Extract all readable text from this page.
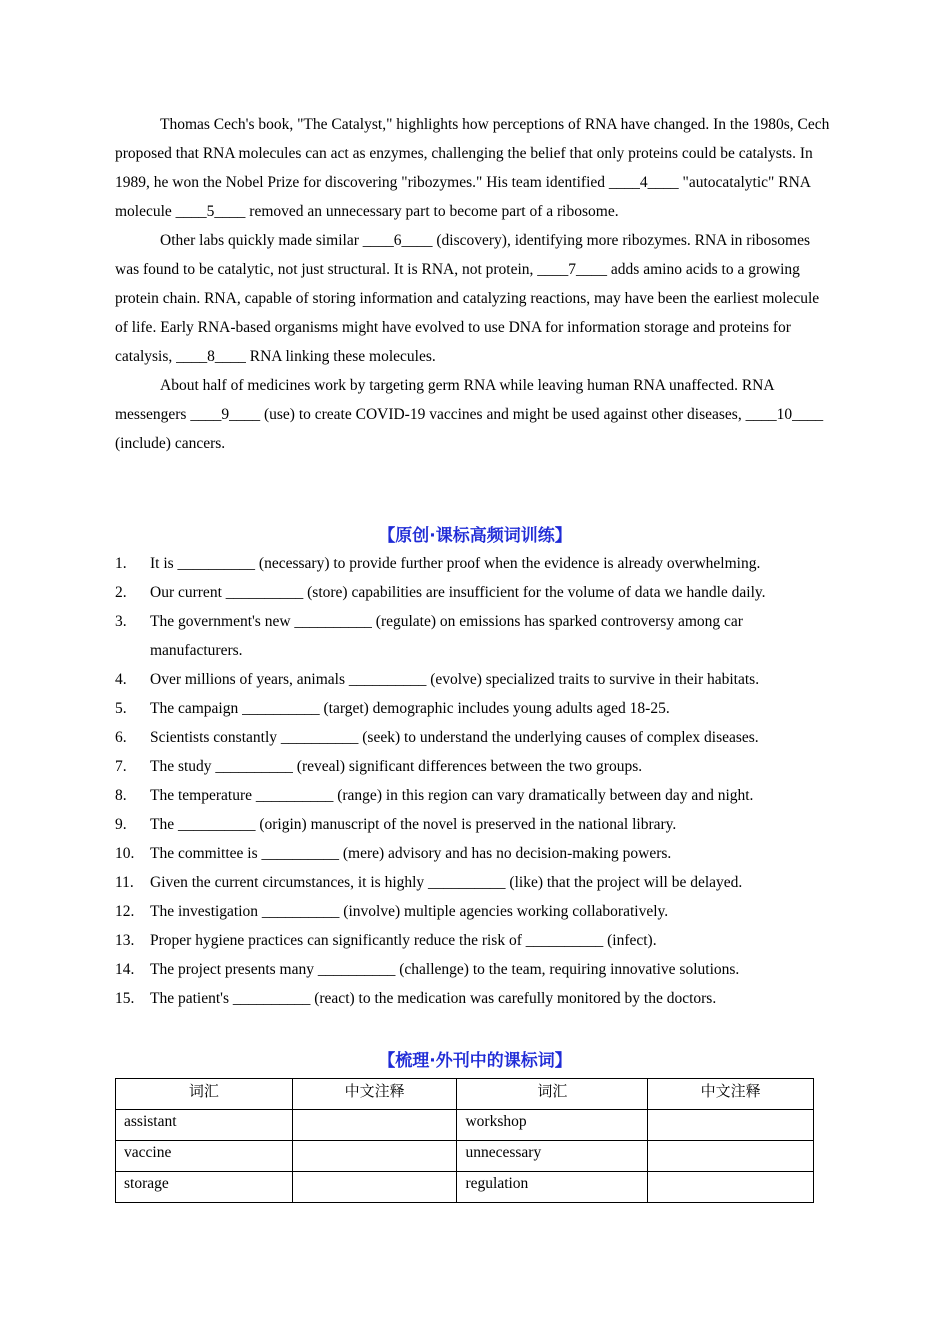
Thomas Cech's book, "The Catalyst," highlights how perceptions of RNA have changed. In the 1980s, Cech proposed that RNA molecules can act as enzymes, challenging the belief that only proteins could be catalysts. In 1989, he won the Nobel Prize for discovering "ribozymes." His team identified ____4____ "autocatalytic" RNA molecule ____5____ removed an unnecessary part to become part of a ribosome.

Other labs quickly made similar ____6____ (discovery), identifying more ribozymes. RNA in ribosomes was found to be catalytic, not just structural. It is RNA, not protein, ____7____ adds amino acids to a growing protein chain. RNA, capable of storing information and catalyzing reactions, may have been the earliest molecule of life. Early RNA-based organisms might have evolved to use DNA for information storage and proteins for catalysis, ____8____ RNA linking these molecules.

About half of medicines work by targeting germ RNA while leaving human RNA unaffected. RNA messengers ____9____ (use) to create COVID-19 vaccines and might be used against other diseases, ____10____ (include) cancers.

【原创·课标高频词训练】
1.	It is __________ (necessary) to provide further proof when the evidence is already overwhelming.
2.	Our current __________ (store) capabilities are insufficient for the volume of data we handle daily.
3.	The government's new __________ (regulate) on emissions has sparked controversy among car manufacturers.
4.	Over millions of years, animals __________ (evolve) specialized traits to survive in their habitats.
5.	The campaign __________ (target) demographic includes young adults aged 18-25.
6.	Scientists constantly __________ (seek) to understand the underlying causes of complex diseases.
7.	The study __________ (reveal) significant differences between the two groups.
8.	The temperature __________ (range) in this region can vary dramatically between day and night.
9.	The __________ (origin) manuscript of the novel is preserved in the national library.
10.	The committee is __________ (mere) advisory and has no decision-making powers.
11.	Given the current circumstances, it is highly __________ (like) that the project will be delayed.
12.	The investigation __________ (involve) multiple agencies working collaboratively.
13.	Proper hygiene practices can significantly reduce the risk of __________ (infect).
14.	The project presents many __________ (challenge) to the team, requiring innovative solutions.
15.	The patient's __________ (react) to the medication was carefully monitored by the doctors.
【梳理·外刊中的课标词】
词汇	中文注释	词汇	中文注释
assistant		workshop	
vaccine		unnecessary	
storage		regulation	
